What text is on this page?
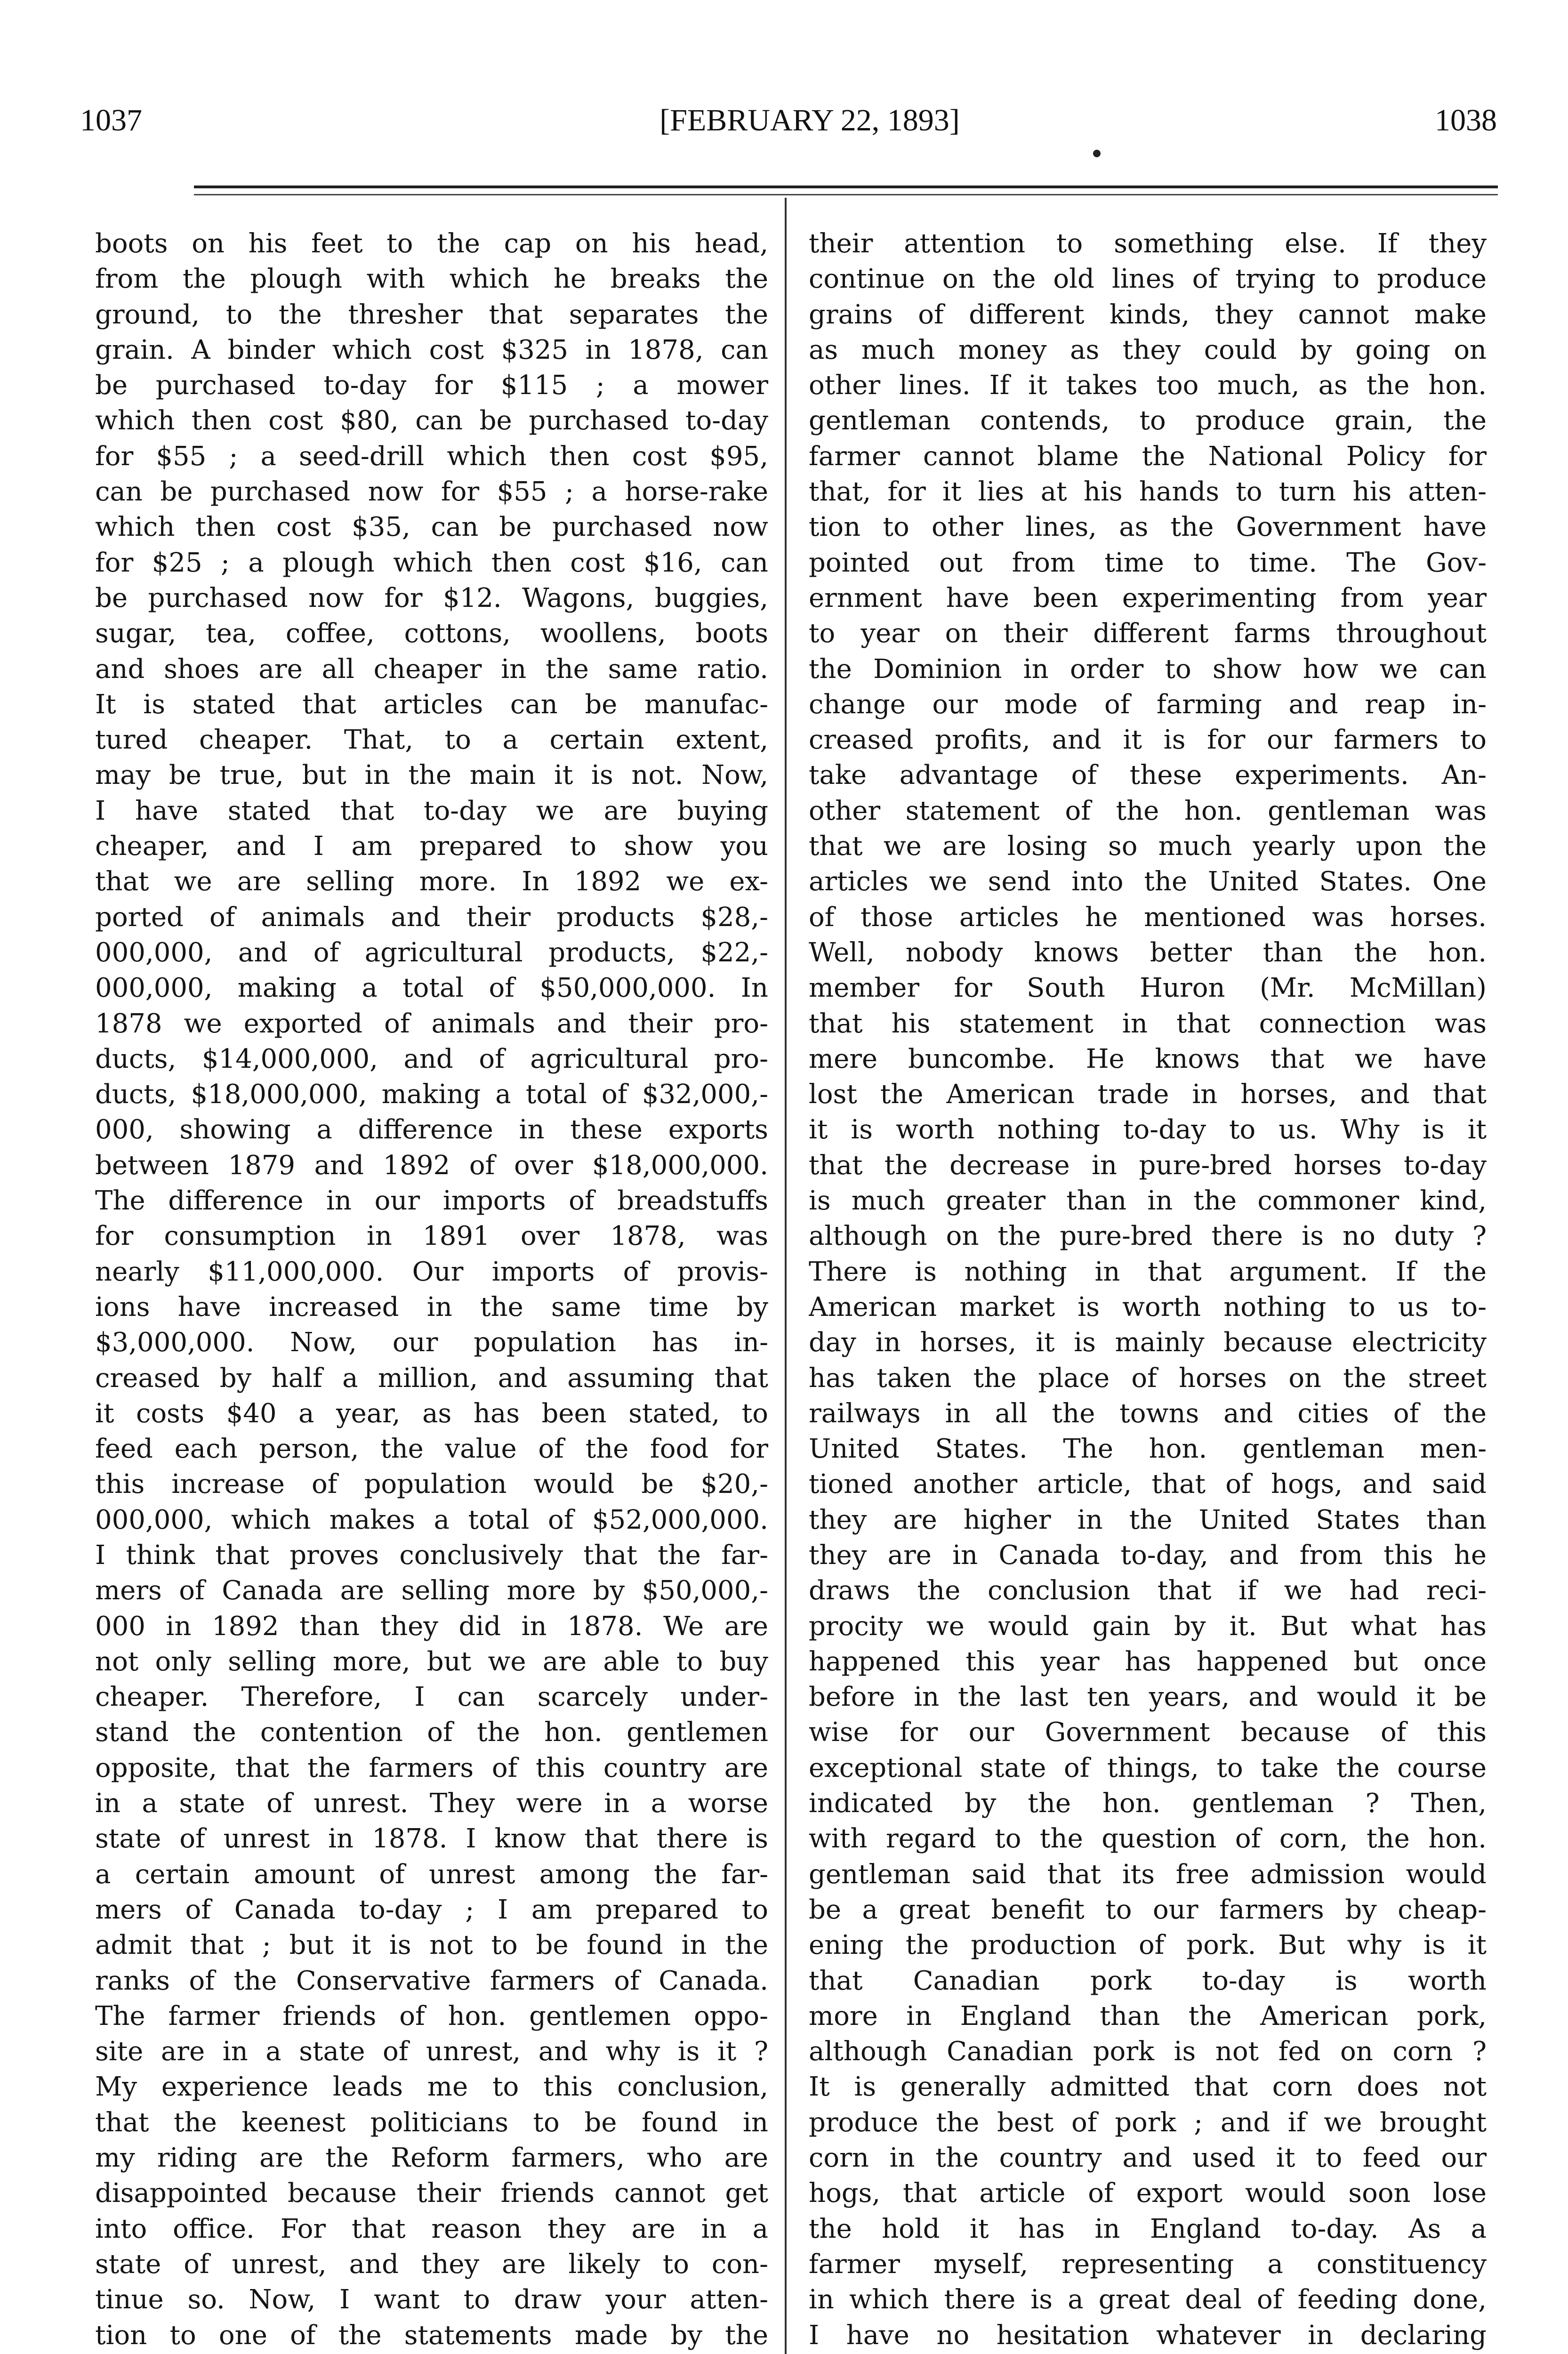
1037	[FEBRUARY 22, 1893]	1038
boots on his feet to the cap on his head,
from the plough with which he breaks the
ground, to the thresher that separates the
grain. A binder which cost $325 in 1878, can
be purchased to-day for $115 ; a mower
which then cost $80, can be purchased to-day
for $55 ; a seed-drill which then cost $95,
can be purchased now for $55 ; a horse-rake
which then cost $35, can be purchased now
for $25 ; a plough which then cost $16, can
be purchased now for $12. Wagons, buggies,
sugar, tea, coffee, cottons, woollens, boots
and shoes are all cheaper in the same ratio.
It is stated that articles can be manufac-
tured cheaper. That, to a certain extent,
may be true, but in the main it is not. Now,
I have stated that to-day we are buying
cheaper, and I am prepared to show you
that we are selling more. In 1892 we ex-
ported of animals and their products $28,-
000,000, and of agricultural products, $22,-
000,000, making a total of $50,000,000. In
1878 we exported of animals and their pro-
ducts, $14,000,000, and of agricultural pro-
ducts, $18,000,000, making a total of $32,000,-
000, showing a difference in these exports
between 1879 and 1892 of over $18,000,000.
The difference in our imports of breadstuffs
for consumption in 1891 over 1878, was
nearly $11,000,000. Our imports of provis-
ions have increased in the same time by
$3,000,000. Now, our population has in-
creased by half a million, and assuming that
it costs $40 a year, as has been stated, to
feed each person, the value of the food for
this increase of population would be $20,-
000,000, which makes a total of $52,000,000.
I think that proves conclusively that the far-
mers of Canada are selling more by $50,000,-
000 in 1892 than they did in 1878. We are
not only selling more, but we are able to buy
cheaper. Therefore, I can scarcely under-
stand the contention of the hon. gentlemen
opposite, that the farmers of this country are
in a state of unrest. They were in a worse
state of unrest in 1878. I know that there is
a certain amount of unrest among the far-
mers of Canada to-day ; I am prepared to
admit that ; but it is not to be found in the
ranks of the Conservative farmers of Canada.
The farmer friends of hon. gentlemen oppo-
site are in a state of unrest, and why is it ?
My experience leads me to this conclusion,
that the keenest politicians to be found in
my riding are the Reform farmers, who are
disappointed because their friends cannot get
into office. For that reason they are in a
state of unrest, and they are likely to con-
tinue so. Now, I want to draw your atten-
tion to one of the statements made by the
their attention to something else. If they
continue on the old lines of trying to produce
grains of different kinds, they cannot make
as much money as they could by going on
other lines. If it takes too much, as the hon.
gentleman contends, to produce grain, the
farmer cannot blame the National Policy for
that, for it lies at his hands to turn his atten-
tion to other lines, as the Government have
pointed out from time to time. The Gov-
ernment have been experimenting from year
to year on their different farms throughout
the Dominion in order to show how we can
change our mode of farming and reap in-
creased profits, and it is for our farmers to
take advantage of these experiments. An-
other statement of the hon. gentleman was
that we are losing so much yearly upon the
articles we send into the United States. One
of those articles he mentioned was horses.
Well, nobody knows better than the hon.
member for South Huron (Mr. McMillan)
that his statement in that connection was
mere buncombe. He knows that we have
lost the American trade in horses, and that
it is worth nothing to-day to us. Why is it
that the decrease in pure-bred horses to-day
is much greater than in the commoner kind,
although on the pure-bred there is no duty ?
There is nothing in that argument. If the
American market is worth nothing to us to-
day in horses, it is mainly because electricity
has taken the place of horses on the street
railways in all the towns and cities of the
United States. The hon. gentleman men-
tioned another article, that of hogs, and said
they are higher in the United States than
they are in Canada to-day, and from this he
draws the conclusion that if we had reci-
procity we would gain by it. But what has
happened this year has happened but once
before in the last ten years, and would it be
wise for our Government because of this
exceptional state of things, to take the course
indicated by the hon. gentleman ? Then,
with regard to the question of corn, the hon.
gentleman said that its free admission would
be a great benefit to our farmers by cheap-
ening the production of pork. But why is it
that Canadian pork to-day is worth
more in England than the American pork,
although Canadian pork is not fed on corn ?
It is generally admitted that corn does not
produce the best of pork ; and if we brought
corn in the country and used it to feed our
hogs, that article of export would soon lose
the hold it has in England to-day. As a
farmer myself, representing a constituency
in which there is a great deal of feeding done,
I have no hesitation whatever in declaring
